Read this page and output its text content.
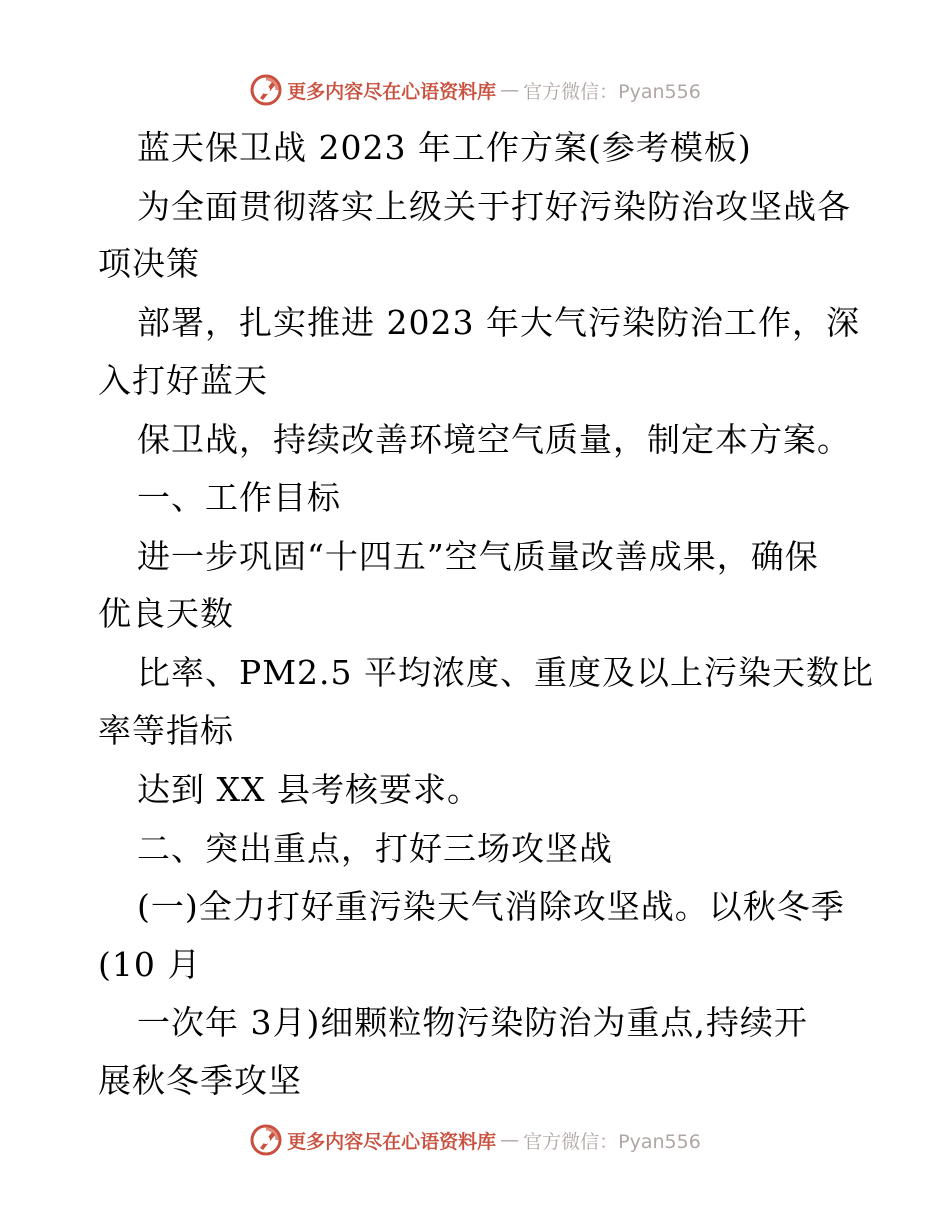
更多内容尽在心语资料库 — 官方微信：Pyan556
蓝天保卫战 2023 年工作方案(参考模板)
为全面贯彻落实上级关于打好污染防治攻坚战各
项决策
部署，扎实推进 2023 年大气污染防治工作，深
入打好蓝天
保卫战，持续改善环境空气质量，制定本方案。
一、工作目标
进一步巩固“十四五”空气质量改善成果，确保
优良天数
比率、PM2.5 平均浓度、重度及以上污染天数比
率等指标
达到 XX 县考核要求。
二、突出重点，打好三场攻坚战
(一)全力打好重污染天气消除攻坚战。以秋冬季
(10 月
一次年 3月)细颗粒物污染防治为重点,持续开
展秋冬季攻坚
更多内容尽在心语资料库 — 官方微信：Pyan556
